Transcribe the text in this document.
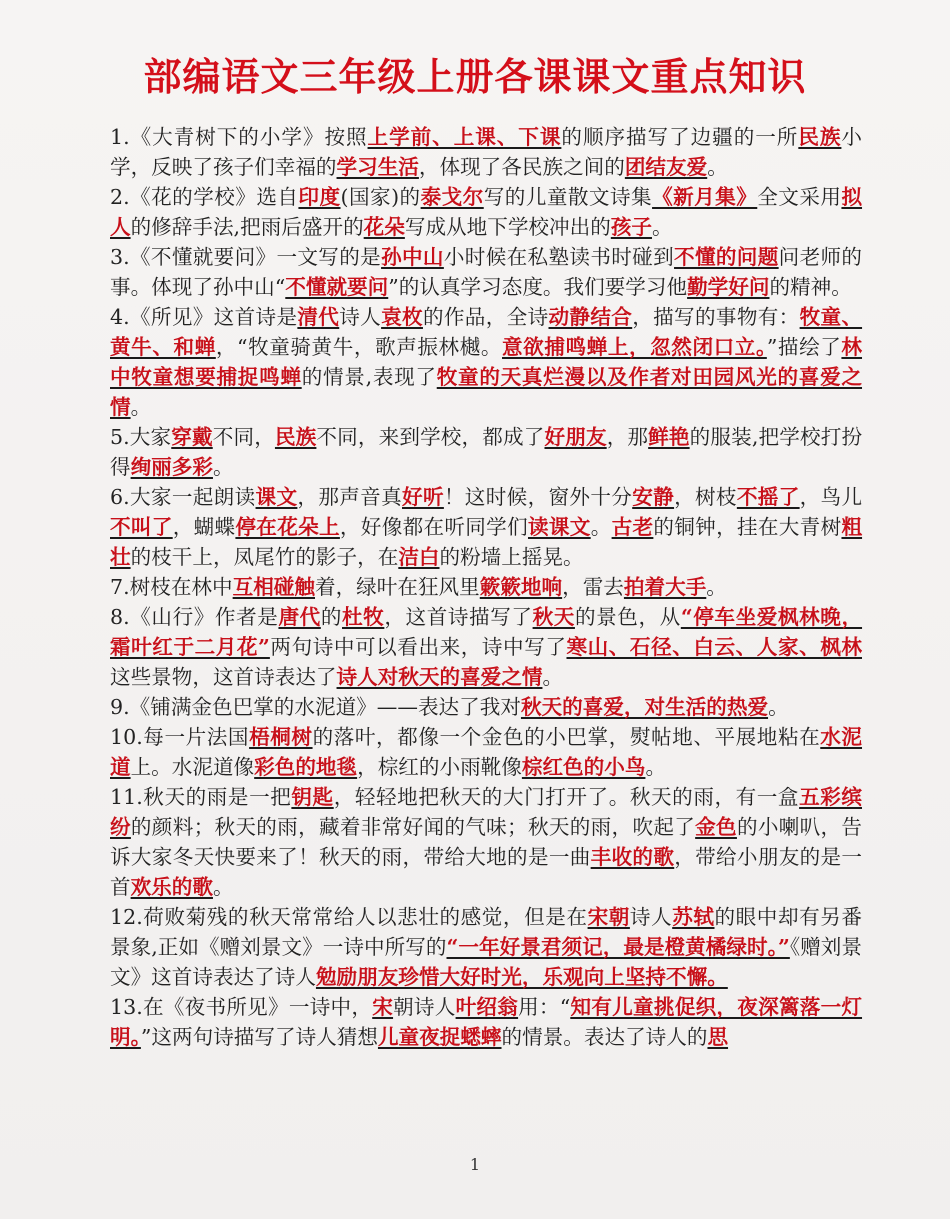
部编语文三年级上册各课课文重点知识

1.《大青树下的小学》按照上学前、上课、下课的顺序描写了边疆的一所民族小学，反映了孩子们幸福的学习生活，体现了各民族之间的团结友爱。

2.《花的学校》选自印度(国家)的泰戈尔写的儿童散文诗集《新月集》全文采用拟人的修辞手法,把雨后盛开的花朵写成从地下学校冲出的孩子。

3.《不懂就要问》一文写的是孙中山小时候在私塾读书时碰到不懂的问题问老师的事。体现了孙中山“不懂就要问”的认真学习态度。我们要学习他勤学好问的精神。

4.《所见》这首诗是清代诗人袁枚的作品，全诗动静结合，描写的事物有：牧童、黄牛、和蝉，“牧童骑黄牛，歌声振林樾。意欲捕鸣蝉上，忽然闭口立。”描绘了林中牧童想要捕捉鸣蝉的情景,表现了牧童的天真烂漫以及作者对田园风光的喜爱之情。

5.大家穿戴不同，民族不同，来到学校，都成了好朋友，那鲜艳的服装,把学校打扮得绚丽多彩。

6.大家一起朗读课文，那声音真好听！这时候，窗外十分安静，树枝不摇了，鸟儿不叫了，蝴蝶停在花朵上，好像都在听同学们读课文。古老的铜钟，挂在大青树粗壮的枝干上，凤尾竹的影子，在洁白的粉墙上摇晃。

7.树枝在林中互相碰触着，绿叶在狂风里簌簌地响，雷去拍着大手。

8.《山行》作者是唐代的杜牧，这首诗描写了秋天的景色，从“停车坐爱枫林晚，霜叶红于二月花”两句诗中可以看出来，诗中写了寒山、石径、白云、人家、枫林这些景物，这首诗表达了诗人对秋天的喜爱之情。

9.《铺满金色巴掌的水泥道》——表达了我对秋天的喜爱，对生活的热爱。

10.每一片法国梧桐树的落叶，都像一个金色的小巴掌，熨帖地、平展地粘在水泥道上。水泥道像彩色的地毯，棕红的小雨靴像棕红色的小鸟。

11.秋天的雨是一把钥匙，轻轻地把秋天的大门打开了。秋天的雨，有一盒五彩缤纷的颜料；秋天的雨，藏着非常好闻的气味；秋天的雨，吹起了金色的小喇叭，告诉大家冬天快要来了！秋天的雨，带给大地的是一曲丰收的歌，带给小朋友的是一首欢乐的歌。

12.荷败菊残的秋天常常给人以悲壮的感觉，但是在宋朝诗人苏轼的眼中却有另番景象,正如《赠刘景文》一诗中所写的“一年好景君须记，最是橙黄橘绿时。”《赠刘景文》这首诗表达了诗人勉励朋友珍惜大好时光，乐观向上坚持不懈。

13.在《夜书所见》一诗中，宋朝诗人叶绍翁用：“知有儿童挑促织，夜深篱落一灯明。”这两句诗描写了诗人猜想儿童夜捉蟋蟀的情景。表达了诗人的思

1
